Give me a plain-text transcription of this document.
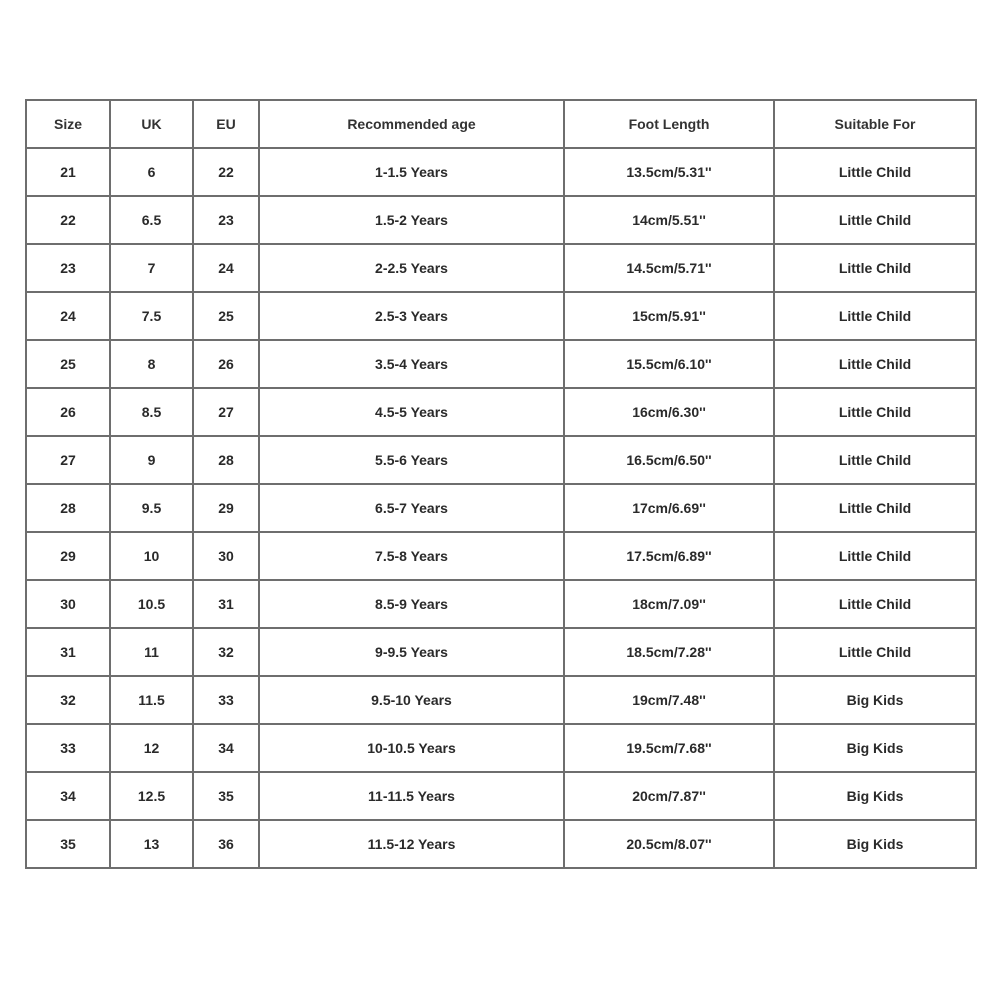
Size	UK	EU	Recommended age	Foot Length	Suitable For
21	6	22	1-1.5 Years	13.5cm/5.31''	Little Child
22	6.5	23	1.5-2 Years	14cm/5.51''	Little Child
23	7	24	2-2.5 Years	14.5cm/5.71''	Little Child
24	7.5	25	2.5-3 Years	15cm/5.91''	Little Child
25	8	26	3.5-4 Years	15.5cm/6.10''	Little Child
26	8.5	27	4.5-5 Years	16cm/6.30''	Little Child
27	9	28	5.5-6 Years	16.5cm/6.50''	Little Child
28	9.5	29	6.5-7 Years	17cm/6.69''	Little Child
29	10	30	7.5-8 Years	17.5cm/6.89''	Little Child
30	10.5	31	8.5-9 Years	18cm/7.09''	Little Child
31	11	32	9-9.5 Years	18.5cm/7.28''	Little Child
32	11.5	33	9.5-10 Years	19cm/7.48''	Big Kids
33	12	34	10-10.5 Years	19.5cm/7.68''	Big Kids
34	12.5	35	11-11.5 Years	20cm/7.87''	Big Kids
35	13	36	11.5-12 Years	20.5cm/8.07''	Big Kids
